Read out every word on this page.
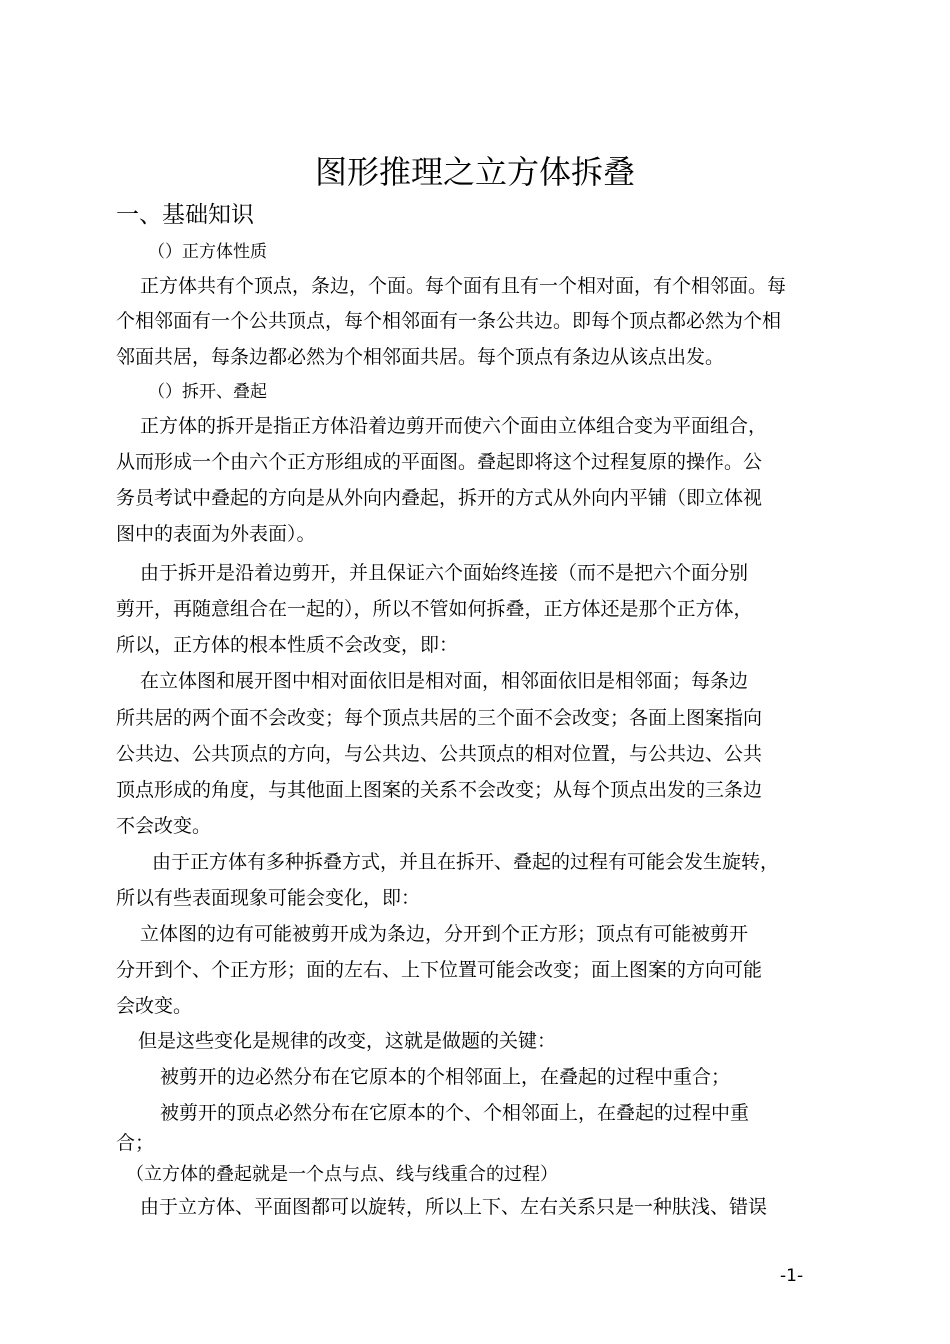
图形推理之立方体拆叠
一、基础知识

（）正方体性质

正方体共有个顶点，条边，个面。每个面有且有一个相对面，有个相邻面。每

个相邻面有一个公共顶点，每个相邻面有一条公共边。即每个顶点都必然为个相

邻面共居，每条边都必然为个相邻面共居。每个顶点有条边从该点出发。

（）拆开、叠起

正方体的拆开是指正方体沿着边剪开而使六个面由立体组合变为平面组合，

从而形成一个由六个正方形组成的平面图。叠起即将这个过程复原的操作。公

务员考试中叠起的方向是从外向内叠起，拆开的方式从外向内平铺（即立体视

图中的表面为外表面）。

由于拆开是沿着边剪开，并且保证六个面始终连接（而不是把六个面分别

剪开，再随意组合在一起的），所以不管如何拆叠，正方体还是那个正方体，

所以，正方体的根本性质不会改变，即：

在立体图和展开图中相对面依旧是相对面，相邻面依旧是相邻面；每条边

所共居的两个面不会改变；每个顶点共居的三个面不会改变；各面上图案指向

公共边、公共顶点的方向，与公共边、公共顶点的相对位置，与公共边、公共

顶点形成的角度，与其他面上图案的关系不会改变；从每个顶点出发的三条边

不会改变。

由于正方体有多种拆叠方式，并且在拆开、叠起的过程有可能会发生旋转，

所以有些表面现象可能会变化，即：

立体图的边有可能被剪开成为条边，分开到个正方形；顶点有可能被剪开

分开到个、个正方形；面的左右、上下位置可能会改变；面上图案的方向可能

会改变。

但是这些变化是规律的改变，这就是做题的关键：

被剪开的边必然分布在它原本的个相邻面上，在叠起的过程中重合；

被剪开的顶点必然分布在它原本的个、个相邻面上，在叠起的过程中重

合；

（立方体的叠起就是一个点与点、线与线重合的过程）

由于立方体、平面图都可以旋转，所以上下、左右关系只是一种肤浅、错误

-1-
